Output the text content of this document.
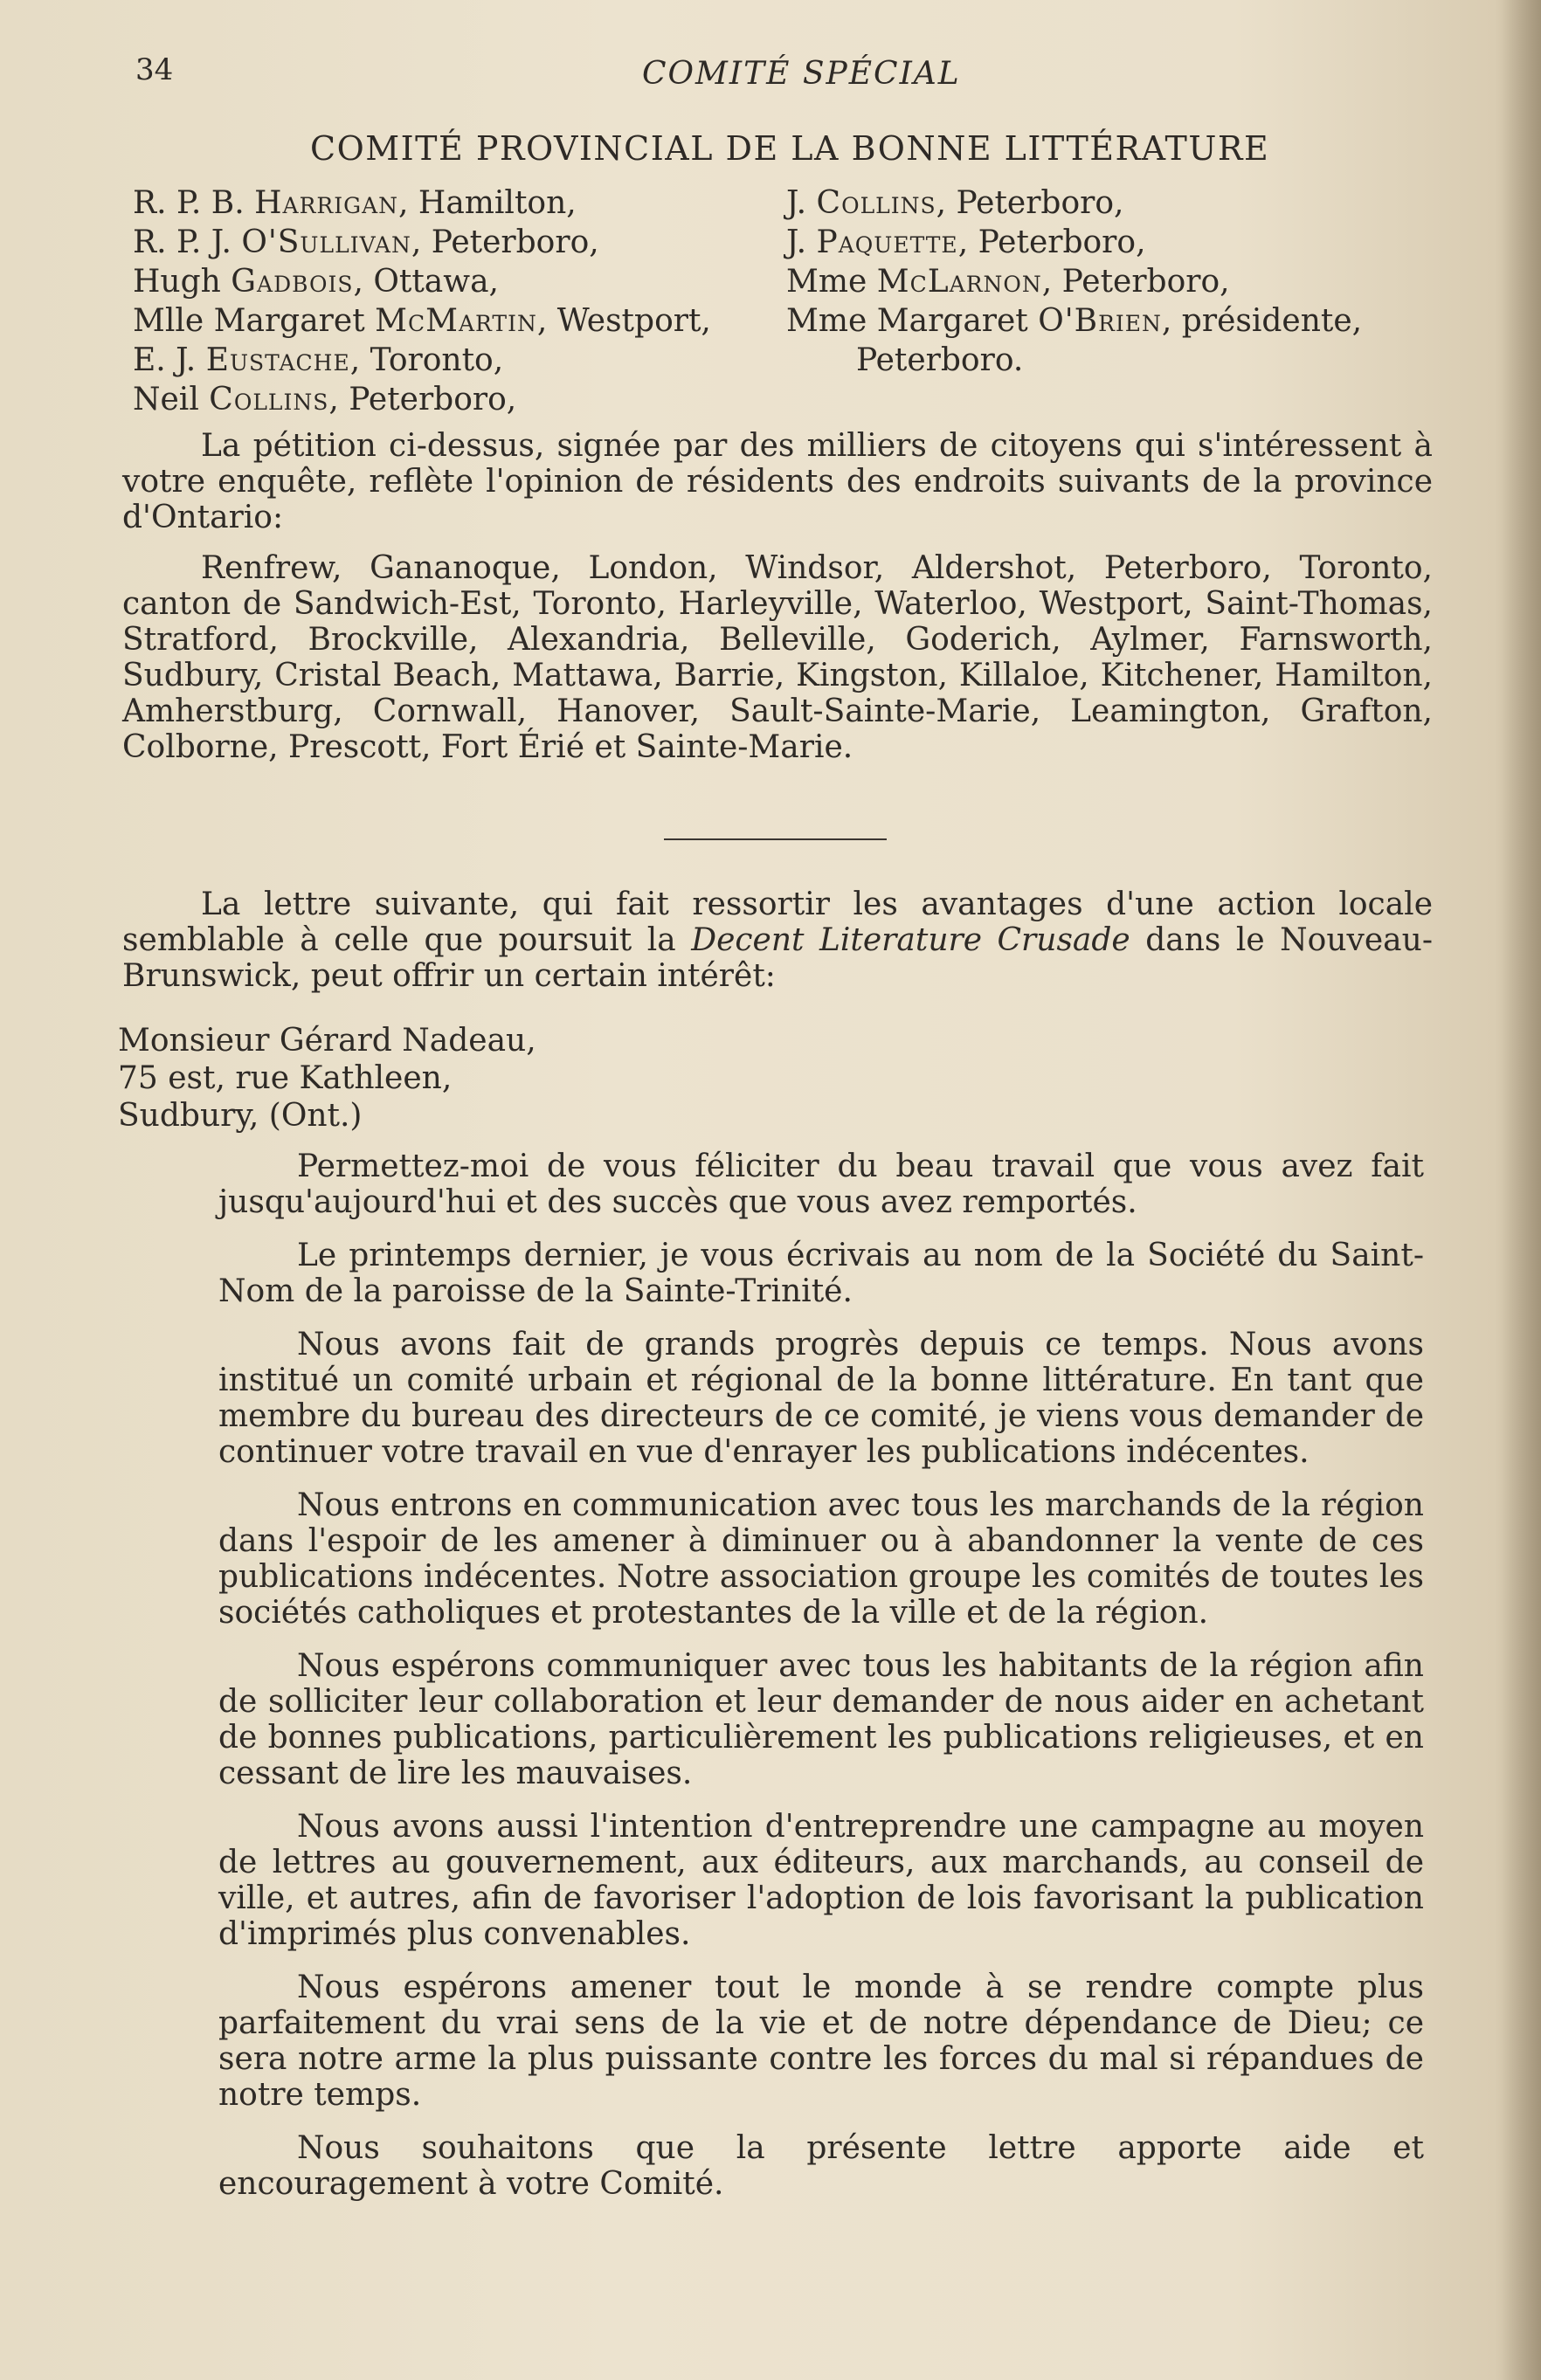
34	COMITÉ SPÉCIAL
COMITÉ PROVINCIAL DE LA BONNE LITTÉRATURE
R. P. B. Harrigan, Hamilton,
R. P. J. O'Sullivan, Peterboro,
Hugh Gadbois, Ottawa,
Mlle Margaret McMartin, Westport,
E. J. Eustache, Toronto,
Neil Collins, Peterboro,
J. Collins, Peterboro,
J. Paquette, Peterboro,
Mme McLarnon, Peterboro,
Mme Margaret O'Brien, présidente,
Peterboro.

La pétition ci-dessus, signée par des milliers de citoyens qui s'intéressent à votre enquête, reflète l'opinion de résidents des endroits suivants de la province d'Ontario:

Renfrew, Gananoque, London, Windsor, Aldershot, Peterboro, Toronto, canton de Sandwich-Est, Toronto, Harleyville, Waterloo, Westport, Saint-Thomas, Stratford, Brockville, Alexandria, Belleville, Goderich, Aylmer, Farnsworth, Sudbury, Cristal Beach, Mattawa, Barrie, Kingston, Killaloe, Kitchener, Hamilton, Amherstburg, Cornwall, Hanover, Sault-Sainte-Marie, Leamington, Grafton, Colborne, Prescott, Fort Érié et Sainte-Marie.

La lettre suivante, qui fait ressortir les avantages d'une action locale semblable à celle que poursuit la Decent Literature Crusade dans le Nouveau-Brunswick, peut offrir un certain intérêt:

Monsieur Gérard Nadeau,
75 est, rue Kathleen,
Sudbury, (Ont.)

Permettez-moi de vous féliciter du beau travail que vous avez fait jusqu'aujourd'hui et des succès que vous avez remportés.

Le printemps dernier, je vous écrivais au nom de la Société du Saint-Nom de la paroisse de la Sainte-Trinité.

Nous avons fait de grands progrès depuis ce temps. Nous avons institué un comité urbain et régional de la bonne littérature. En tant que membre du bureau des directeurs de ce comité, je viens vous demander de continuer votre travail en vue d'enrayer les publications indécentes.

Nous entrons en communication avec tous les marchands de la région dans l'espoir de les amener à diminuer ou à abandonner la vente de ces publications indécentes. Notre association groupe les comités de toutes les sociétés catholiques et protestantes de la ville et de la région.

Nous espérons communiquer avec tous les habitants de la région afin de solliciter leur collaboration et leur demander de nous aider en achetant de bonnes publications, particulièrement les publications religieuses, et en cessant de lire les mauvaises.

Nous avons aussi l'intention d'entreprendre une campagne au moyen de lettres au gouvernement, aux éditeurs, aux marchands, au conseil de ville, et autres, afin de favoriser l'adoption de lois favorisant la publication d'imprimés plus convenables.

Nous espérons amener tout le monde à se rendre compte plus parfaitement du vrai sens de la vie et de notre dépendance de Dieu; ce sera notre arme la plus puissante contre les forces du mal si répandues de notre temps.

Nous souhaitons que la présente lettre apporte aide et encouragement à votre Comité.
